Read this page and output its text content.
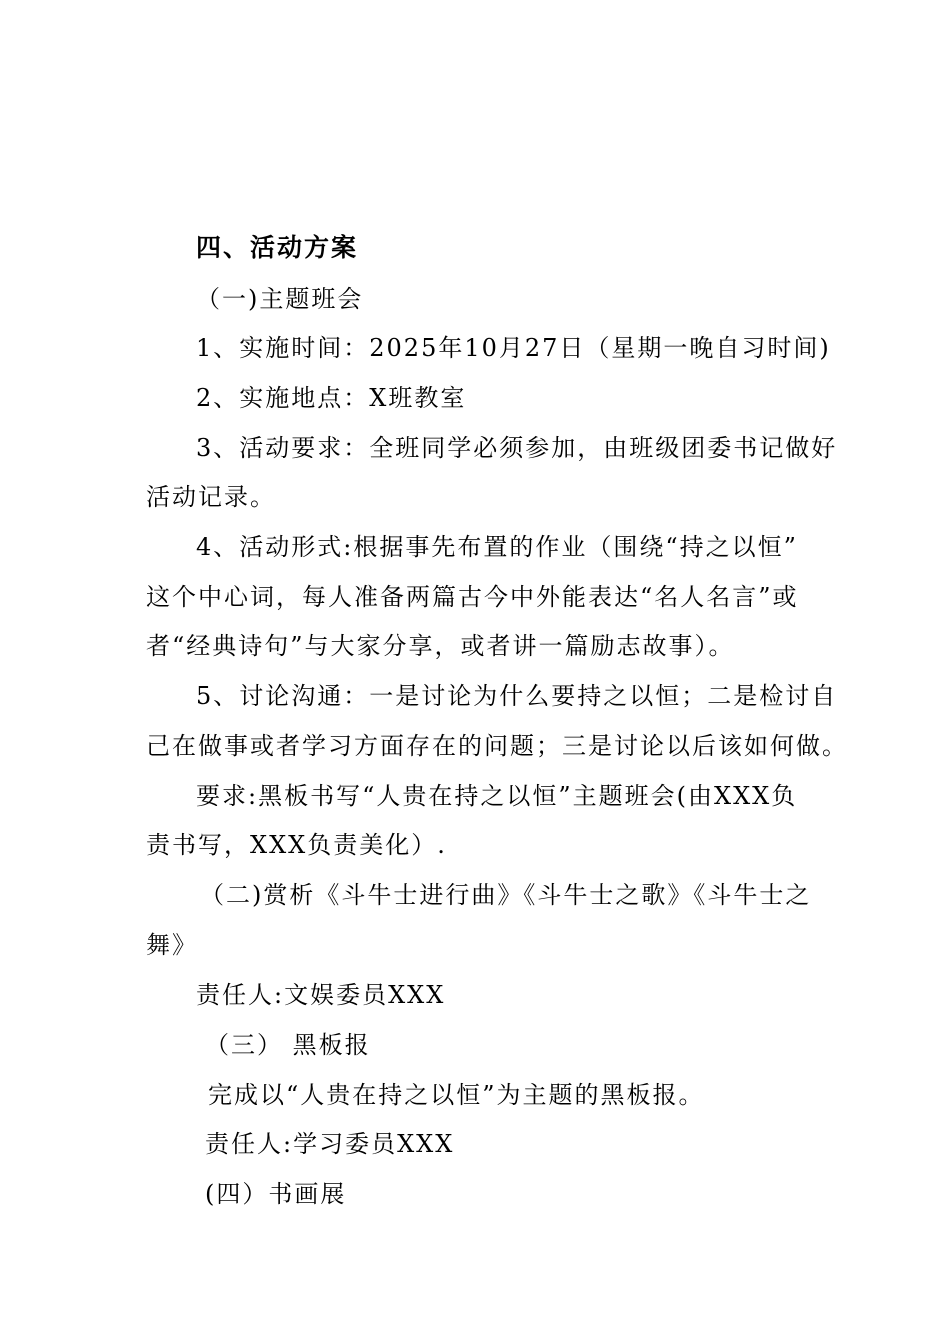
四、活动方案
（一)主题班会
1、实施时间：2025年10月27日（星期一晚自习时间)
2、实施地点：X班教室
3、活动要求：全班同学必须参加，由班级团委书记做好
活动记录。
4、活动形式:根据事先布置的作业（围绕“持之以恒”
这个中心词，每人准备两篇古今中外能表达“名人名言”或
者“经典诗句”与大家分享，或者讲一篇励志故事）。
5、讨论沟通：一是讨论为什么要持之以恒；二是检讨自
己在做事或者学习方面存在的问题；三是讨论以后该如何做。
要求:黑板书写“人贵在持之以恒”主题班会(由XXX负
责书写，XXX负责美化）.
（二)赏析《斗牛士进行曲》《斗牛士之歌》《斗牛士之
舞》
责任人:文娱委员XXX
（三） 黑板报
完成以“人贵在持之以恒”为主题的黑板报。
责任人:学习委员XXX
(四）书画展
